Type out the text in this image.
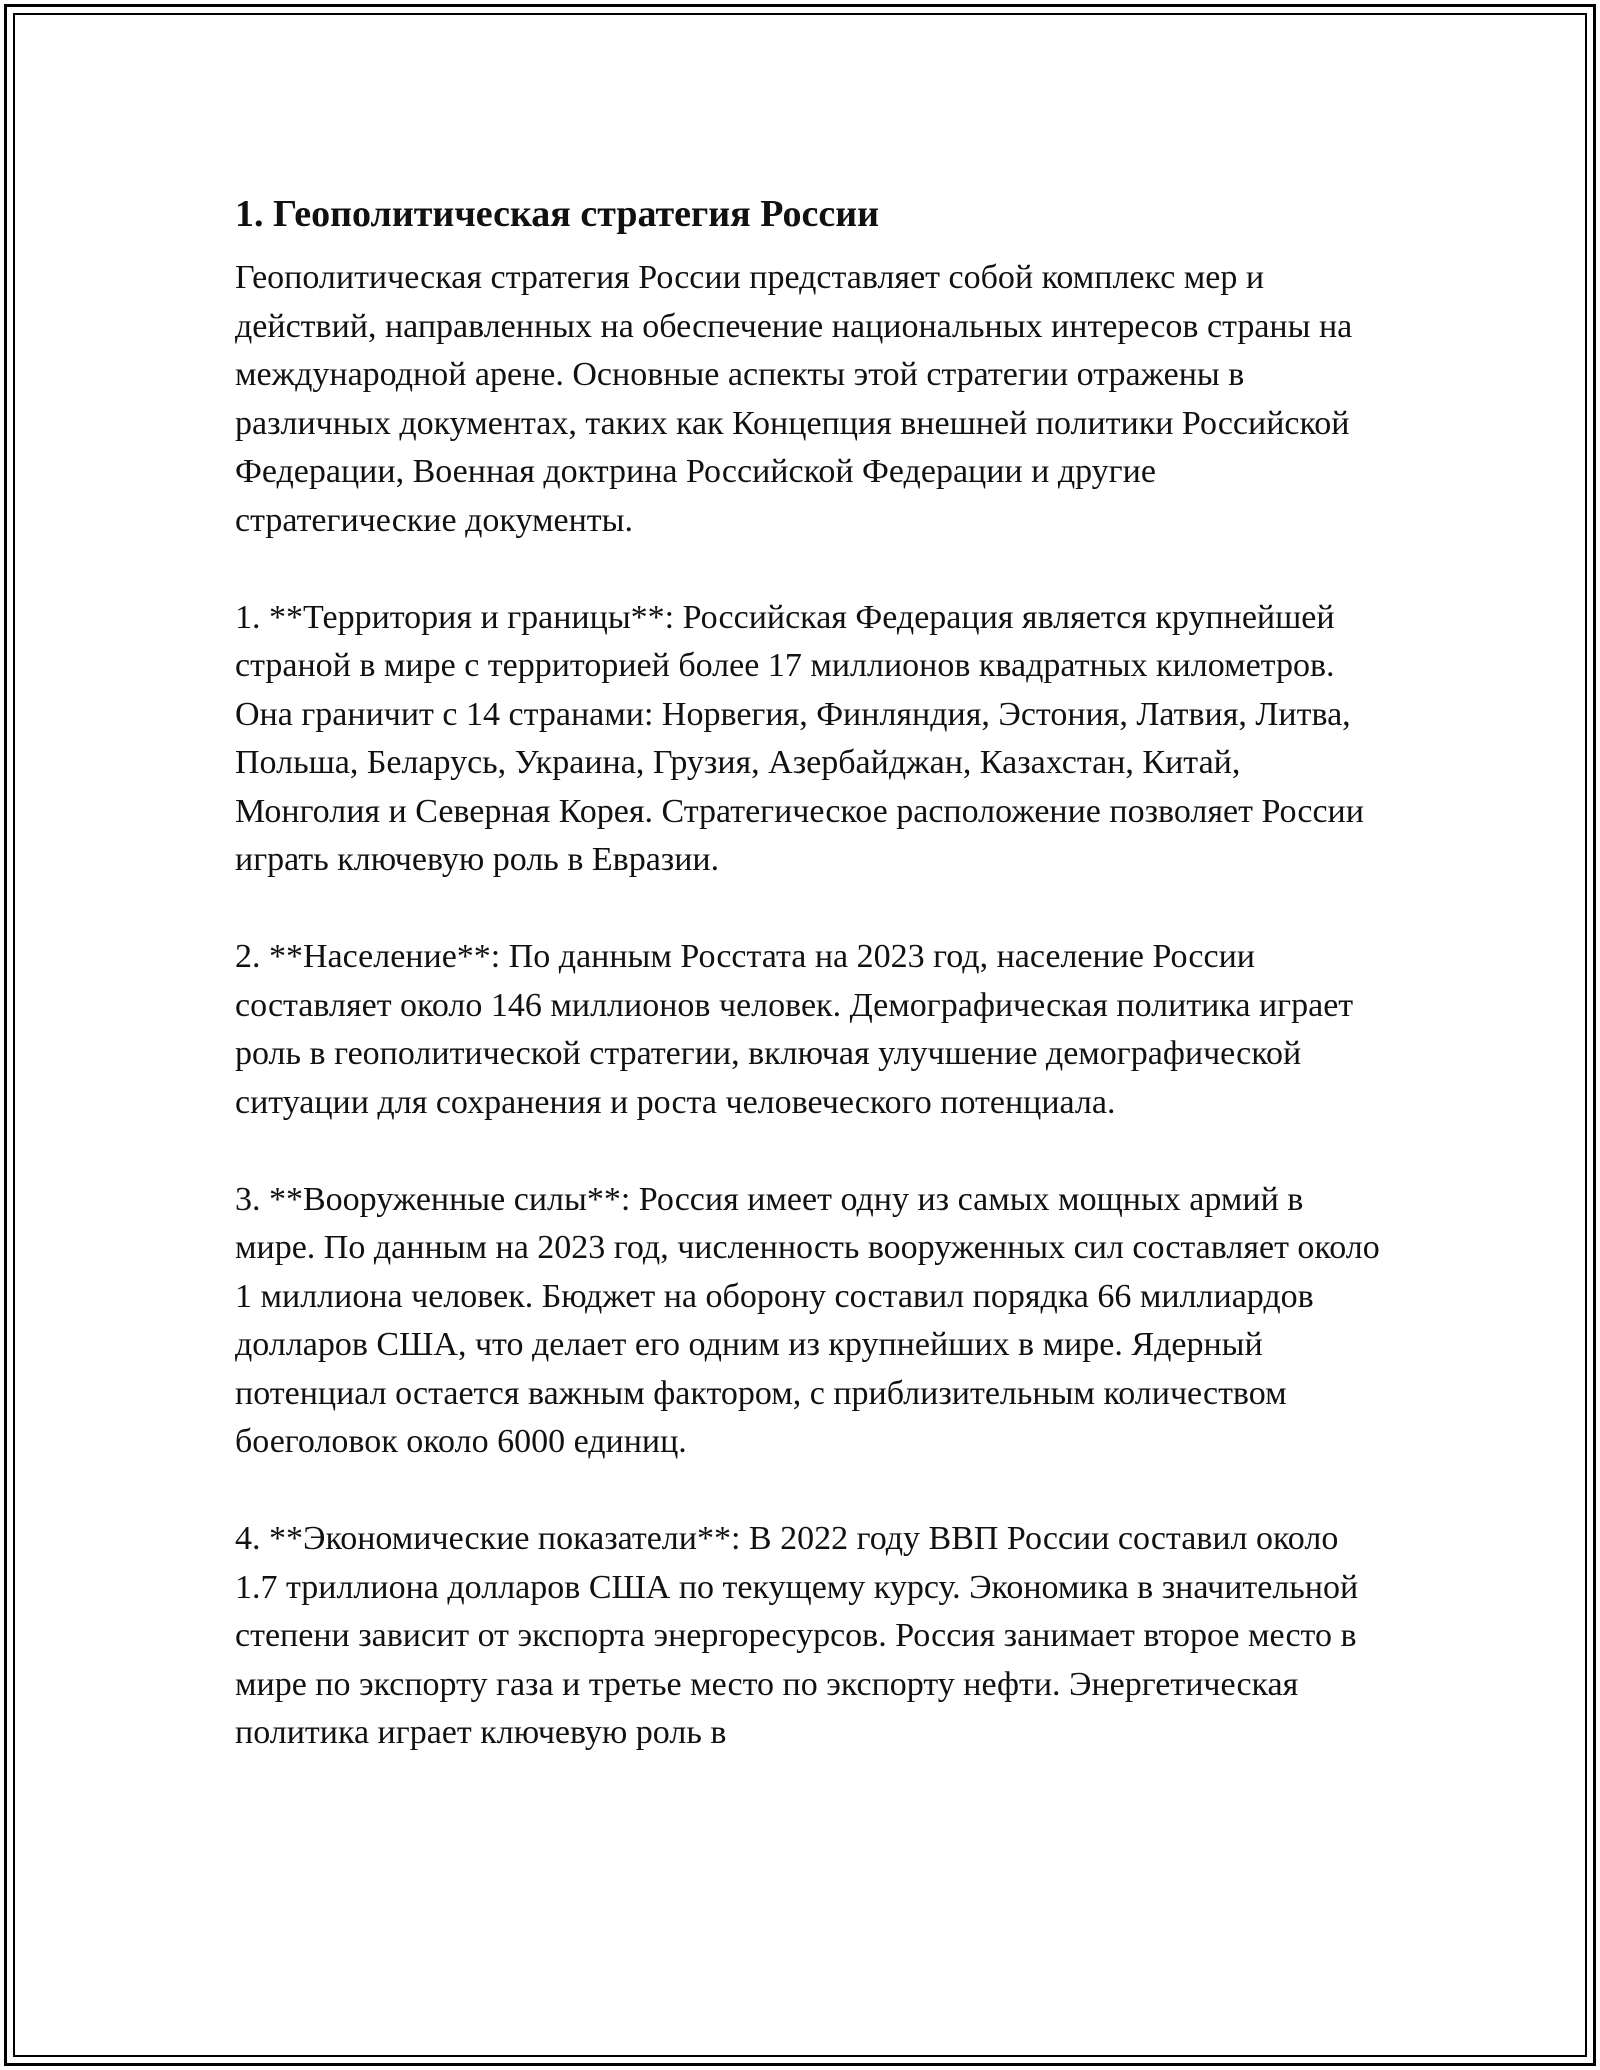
1. Геополитическая стратегия России

Геополитическая стратегия России представляет собой комплекс мер и действий, направленных на обеспечение национальных интересов страны на международной арене. Основные аспекты этой стратегии отражены в различных документах, таких как Концепция внешней политики Российской Федерации, Военная доктрина Российской Федерации и другие стратегические документы.

1. **Территория и границы**: Российская Федерация является крупнейшей страной в мире с территорией более 17 миллионов квадратных километров. Она граничит с 14 странами: Норвегия, Финляндия, Эстония, Латвия, Литва, Польша, Беларусь, Украина, Грузия, Азербайджан, Казахстан, Китай, Монголия и Северная Корея. Стратегическое расположение позволяет России играть ключевую роль в Евразии.

2. **Население**: По данным Росстата на 2023 год, население России составляет около 146 миллионов человек. Демографическая политика играет роль в геополитической стратегии, включая улучшение демографической ситуации для сохранения и роста человеческого потенциала.

3. **Вооруженные силы**: Россия имеет одну из самых мощных армий в мире. По данным на 2023 год, численность вооруженных сил составляет около 1 миллиона человек. Бюджет на оборону составил порядка 66 миллиардов долларов США, что делает его одним из крупнейших в мире. Ядерный потенциал остается важным фактором, с приблизительным количеством боеголовок около 6000 единиц.

4. **Экономические показатели**: В 2022 году ВВП России составил около 1.7 триллиона долларов США по текущему курсу. Экономика в значительной степени зависит от экспорта энергоресурсов. Россия занимает второе место в мире по экспорту газа и третье место по экспорту нефти. Энергетическая политика играет ключевую роль в
